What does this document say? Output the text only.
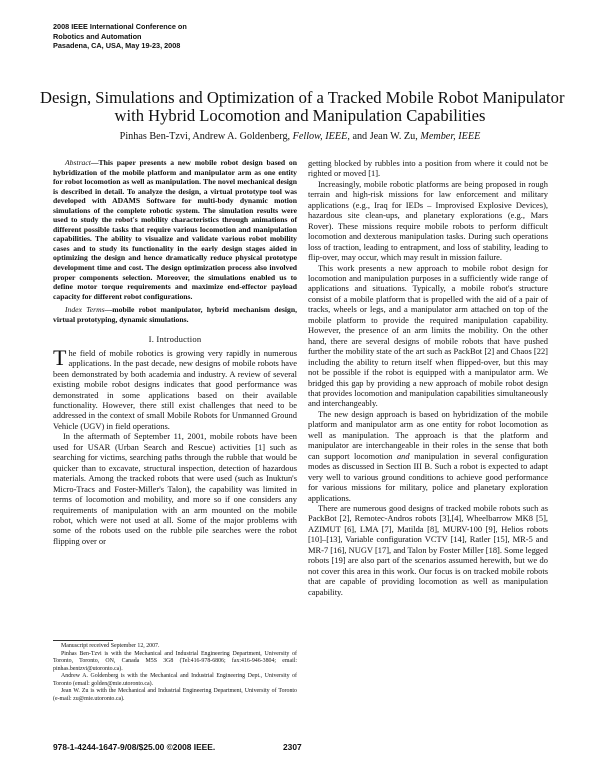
2008 IEEE International Conference on
Robotics and Automation
Pasadena, CA, USA, May 19-23, 2008
Design, Simulations and Optimization of a Tracked Mobile Robot Manipulator
with Hybrid Locomotion and Manipulation Capabilities
Pinhas Ben-Tzvi, Andrew A. Goldenberg, Fellow, IEEE, and Jean W. Zu, Member, IEEE

Abstract—This paper presents a new mobile robot design based on hybridization of the mobile platform and manipulator arm as one entity for robot locomotion as well as manipulation. The novel mechanical design is described in detail. To analyze the design, a virtual prototype tool was developed with ADAMS Software for multi-body dynamic motion simulations of the complete robotic system. The simulation results were used to study the robot's mobility characteristics through animations of different possible tasks that require various locomotion and manipulation capabilities. The ability to visualize and validate various robot mobility cases and to study its functionality in the early design stages aided in optimizing the design and hence dramatically reduce physical prototype development time and cost. The design optimization process also involved proper components selection. Moreover, the simulations enabled us to define motor torque requirements and maximize end-effector payload capacity for different robot configurations.

Index Terms—mobile robot manipulator, hybrid mechanism design, virtual prototyping, dynamic simulations.

I. Introduction

The field of mobile robotics is growing very rapidly in numerous applications. In the past decade, new designs of mobile robots have been demonstrated by both academia and industry. A review of several existing mobile robot designs indicates that good performance was demonstrated in some applications based on their available functionality. However, there still exist challenges that need to be addressed in the context of small Mobile Robots for Unmanned Ground Vehicle (UGV) in field operations.

In the aftermath of September 11, 2001, mobile robots have been used for USAR (Urban Search and Rescue) activities [1] such as searching for victims, searching paths through the rubble that would be quicker than to excavate, structural inspection, detection of hazardous materials. Among the tracked robots that were used (such as Inuktun's Micro-Tracs and Foster-Miller's Talon), the capability was limited in terms of locomotion and mobility, and more so if one considers any requirements of manipulation with an arm mounted on the mobile robot, which were not used at all. Some of the major problems with some of the robots used on the rubble pile searches were the robot flipping over or

Manuscript received September 12, 2007.

Pinhas Ben-Tzvi is with the Mechanical and Industrial Engineering Department, University of Toronto, Toronto, ON, Canada M5S 3G8 (Tel:416-978-6806; fax:416-946-3804; email: pinhas.bentzvi@utoronto.ca).

Andrew A. Goldenberg is with the Mechanical and Industrial Engineering Dept., University of Toronto (email: golden@mie.utoronto.ca).

Jean W. Zu is with the Mechanical and Industrial Engineering Department, University of Toronto (e-mail: zu@mie.utoronto.ca).

getting blocked by rubbles into a position from where it could not be righted or moved [1].

Increasingly, mobile robotic platforms are being proposed in rough terrain and high-risk missions for law enforcement and military applications (e.g., Iraq for IEDs – Improvised Explosive Devices), hazardous site clean-ups, and planetary explorations (e.g., Mars Rover). These missions require mobile robots to perform difficult locomotion and dexterous manipulation tasks. During such operations loss of traction, leading to entrapment, and loss of stability, leading to flip-over, may occur, which may result in mission failure.

This work presents a new approach to mobile robot design for locomotion and manipulation purposes in a sufficiently wide range of applications and situations. Typically, a mobile robot's structure consist of a mobile platform that is propelled with the aid of a pair of tracks, wheels or legs, and a manipulator arm attached on top of the mobile platform to provide the required manipulation capability. However, the presence of an arm limits the mobility. On the other hand, there are several designs of mobile robots that have pushed further the mobility state of the art such as PackBot [2] and Chaos [22] including the ability to return itself when flipped-over, but this may not be possible if the robot is equipped with a manipulator arm. We bridged this gap by providing a new approach of mobile robot design that provides locomotion and manipulation capabilities simultaneously and interchangeably.

The new design approach is based on hybridization of the mobile platform and manipulator arm as one entity for robot locomotion as well as manipulation. The approach is that the platform and manipulator are interchangeable in their roles in the sense that both can support locomotion and manipulation in several configuration modes as discussed in Section III B. Such a robot is expected to adapt very well to various ground conditions to achieve good performance for various missions for military, police and planetary exploration applications.

There are numerous good designs of tracked mobile robots such as PackBot [2], Remotec-Andros robots [3],[4], Wheelbarrow MK8 [5], AZIMUT [6], LMA [7], Matilda [8], MURV-100 [9], Helios robots [10]–[13], Variable configuration VCTV [14], Ratler [15], MR-5 and MR-7 [16], NUGV [17], and Talon by Foster Miller [18]. Some legged robots [19] are also part of the scenarios assumed herewith, but we do not cover this area in this work. Our focus is on tracked mobile robots that are capable of providing locomotion as well as manipulation capability.

978-1-4244-1647-9/08/$25.00 ©2008 IEEE.	2307
